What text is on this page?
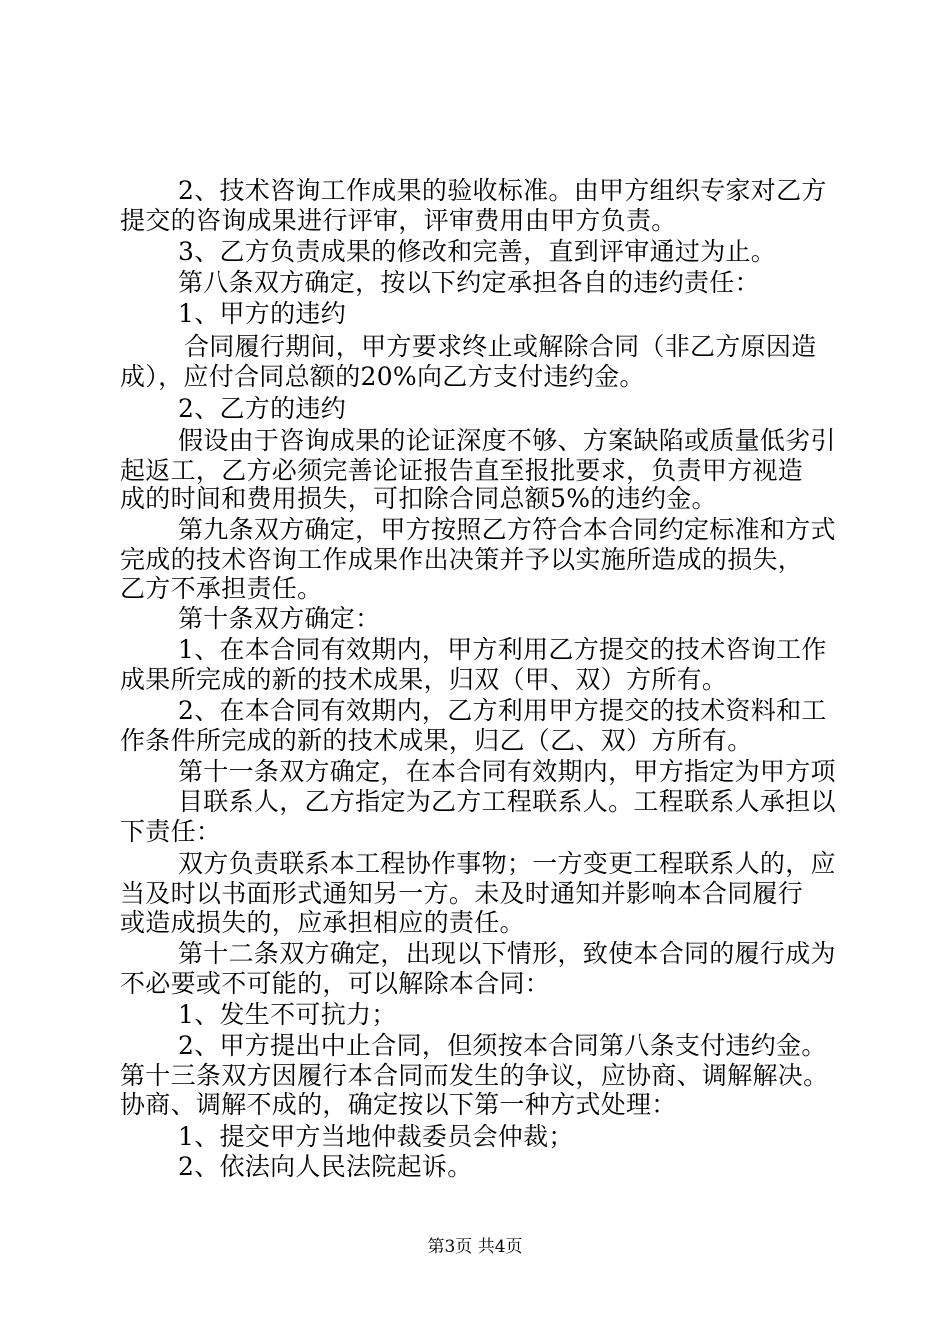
2、技术咨询工作成果的验收标准。由甲方组织专家对乙方
提交的咨询成果进行评审，评审费用由甲方负责。
3、乙方负责成果的修改和完善，直到评审通过为止。
第八条双方确定，按以下约定承担各自的违约责任：
1、甲方的违约
合同履行期间，甲方要求终止或解除合同（非乙方原因造
成），应付合同总额的20%向乙方支付违约金。
2、乙方的违约
假设由于咨询成果的论证深度不够、方案缺陷或质量低劣引
起返工，乙方必须完善论证报告直至报批要求，负责甲方视造
成的时间和费用损失，可扣除合同总额5%的违约金。
第九条双方确定，甲方按照乙方符合本合同约定标准和方式
完成的技术咨询工作成果作出决策并予以实施所造成的损失，
乙方不承担责任。
第十条双方确定：
1、在本合同有效期内，甲方利用乙方提交的技术咨询工作
成果所完成的新的技术成果，归双（甲、双）方所有。
2、在本合同有效期内，乙方利用甲方提交的技术资料和工
作条件所完成的新的技术成果，归乙（乙、双）方所有。
第十一条双方确定，在本合同有效期内，甲方指定为甲方项
目联系人，乙方指定为乙方工程联系人。工程联系人承担以
下责任：
双方负责联系本工程协作事物；一方变更工程联系人的，应
当及时以书面形式通知另一方。未及时通知并影响本合同履行
或造成损失的，应承担相应的责任。
第十二条双方确定，出现以下情形，致使本合同的履行成为
不必要或不可能的，可以解除本合同：
1、发生不可抗力；
2、甲方提出中止合同，但须按本合同第八条支付违约金。
第十三条双方因履行本合同而发生的争议，应协商、调解解决。
协商、调解不成的，确定按以下第一种方式处理：
1、提交甲方当地仲裁委员会仲裁；
2、依法向人民法院起诉。
第3页 共4页
